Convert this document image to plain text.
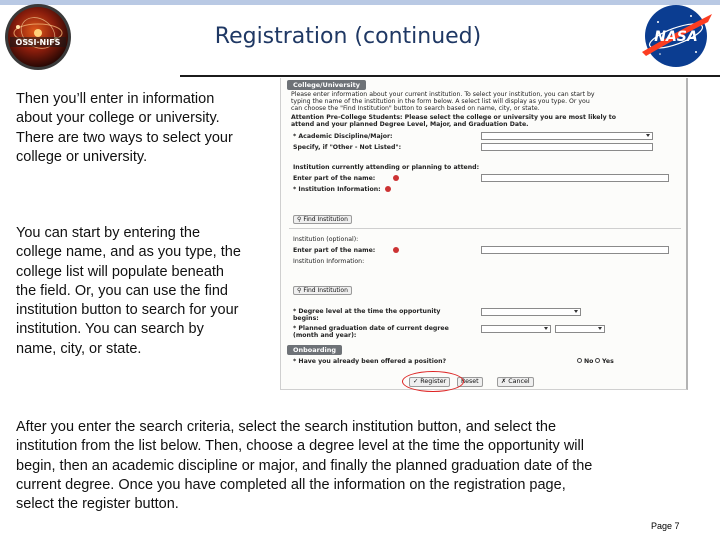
OSSI·NIFS	Registration (continued)	NASA
Then you’ll enter in information about your college or university. There are two ways to select your college or university.
You can start by entering the college name, and as you type, the college list will populate beneath the field. Or, you can use the find institution button to search for your institution. You can search by name, city, or state.
After you enter the search criteria, select the search institution button, and select the institution from the list below. Then, choose a degree level at the time the opportunity will begin, then an academic discipline or major, and finally the planned graduation date of the current degree. Once you have completed all the information on the registration page, select the register button.
College/University
Please enter information about your current institution. To select your institution, you can start by
typing the name of the institution in the form below. A select list will display as you type. Or you
can choose the "Find Institution" button to search based on name, city, or state.
Attention Pre-College Students: Please select the college or university you are most likely to
attend and your planned Degree Level, Major, and Graduation Date.
* Academic Discipline/Major:
Specify, if "Other - Not Listed":
Institution currently attending or planning to attend:
Enter part of the name:
* Institution Information:
⚲ Find Institution
Institution (optional):
Enter part of the name:
Institution Information:
⚲ Find Institution
* Degree level at the time the opportunity
begins:
* Planned graduation date of current degree
(month and year):
Onboarding
* Have you already been offered a position?	No Yes
✓ Register	Reset	✗ Cancel
Page 7
